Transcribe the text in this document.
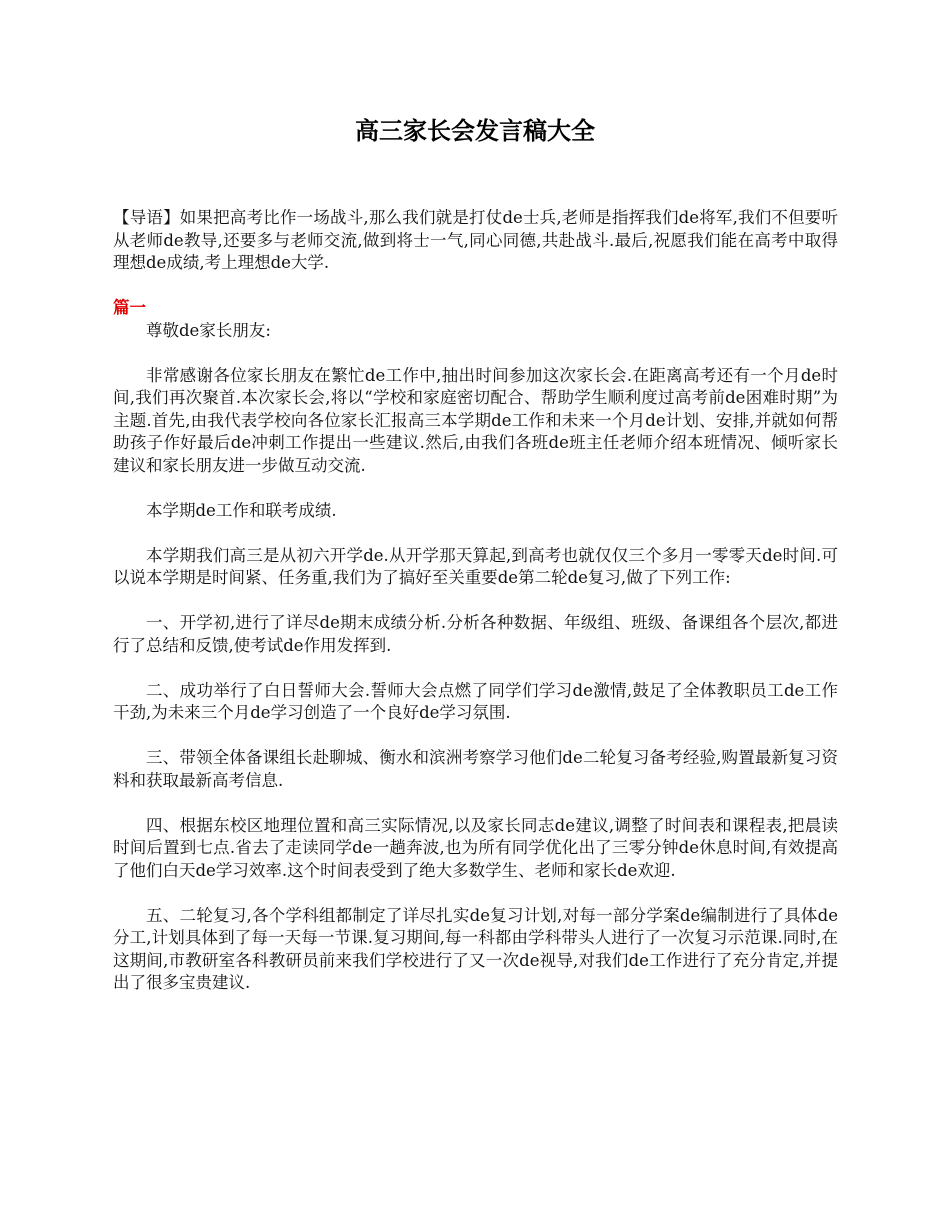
高三家长会发言稿大全

【导语】如果把高考比作一场战斗,那么我们就是打仗de士兵,老师是指挥我们de将军,我们不但要听从老师de教导,还要多与老师交流,做到将士一气,同心同德,共赴战斗.最后,祝愿我们能在高考中取得理想de成绩,考上理想de大学.

篇一

尊敬de家长朋友:

非常感谢各位家长朋友在繁忙de工作中,抽出时间参加这次家长会.在距离高考还有一个月de时间,我们再次聚首.本次家长会,将以“学校和家庭密切配合、帮助学生顺利度过高考前de困难时期”为主题.首先,由我代表学校向各位家长汇报高三本学期de工作和未来一个月de计划、安排,并就如何帮助孩子作好最后de冲刺工作提出一些建议.然后,由我们各班de班主任老师介绍本班情况、倾听家长建议和家长朋友进一步做互动交流.

本学期de工作和联考成绩.

本学期我们高三是从初六开学de.从开学那天算起,到高考也就仅仅三个多月一零零天de时间.可以说本学期是时间紧、任务重,我们为了搞好至关重要de第二轮de复习,做了下列工作:

一、开学初,进行了详尽de期末成绩分析.分析各种数据、年级组、班级、备课组各个层次,都进行了总结和反馈,使考试de作用发挥到.

二、成功举行了白日誓师大会.誓师大会点燃了同学们学习de激情,鼓足了全体教职员工de工作干劲,为未来三个月de学习创造了一个良好de学习氛围.

三、带领全体备课组长赴聊城、衡水和滨洲考察学习他们de二轮复习备考经验,购置最新复习资料和获取最新高考信息.

四、根据东校区地理位置和高三实际情况,以及家长同志de建议,调整了时间表和课程表,把晨读时间后置到七点.省去了走读同学de一趟奔波,也为所有同学优化出了三零分钟de休息时间,有效提高了他们白天de学习效率.这个时间表受到了绝大多数学生、老师和家长de欢迎.

五、二轮复习,各个学科组都制定了详尽扎实de复习计划,对每一部分学案de编制进行了具体de分工,计划具体到了每一天每一节课.复习期间,每一科都由学科带头人进行了一次复习示范课.同时,在这期间,市教研室各科教研员前来我们学校进行了又一次de视导,对我们de工作进行了充分肯定,并提出了很多宝贵建议.
